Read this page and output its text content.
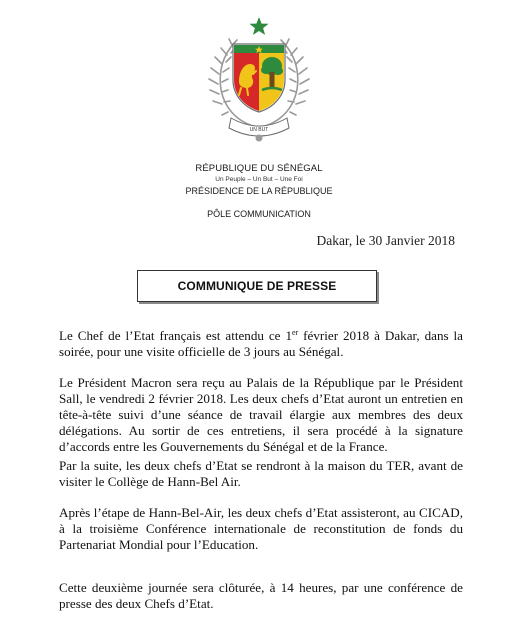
UN BUT
RÉPUBLIQUE DU SÉNÉGAL
Un Peuple – Un But – Une Foi
PRÉSIDENCE DE LA RÉPUBLIQUE
PÔLE COMMUNICATION
Dakar, le 30 Janvier 2018
COMMUNIQUE DE PRESSE
Le Chef de l’Etat français est attendu ce 1er février 2018 à Dakar, dans la soirée, pour une visite officielle de 3 jours au Sénégal.
Le Président Macron sera reçu au Palais de la République par le Président Sall, le vendredi 2 février 2018. Les deux chefs d’Etat auront un entretien en tête-à-tête suivi d’une séance de travail élargie aux membres des deux délégations. Au sortir de ces entretiens, il sera procédé à la signature d’accords entre les Gouvernements du Sénégal et de la France.
Par la suite, les deux chefs d’Etat se rendront à la maison du TER, avant de visiter le Collège de Hann-Bel Air.
Après l’étape de Hann-Bel-Air, les deux chefs d’Etat assisteront, au CICAD, à la troisième Conférence internationale de reconstitution de fonds du Partenariat Mondial pour l’Education.
Cette deuxième journée sera clôturée, à 14 heures, par une conférence de presse des deux Chefs d’Etat.
